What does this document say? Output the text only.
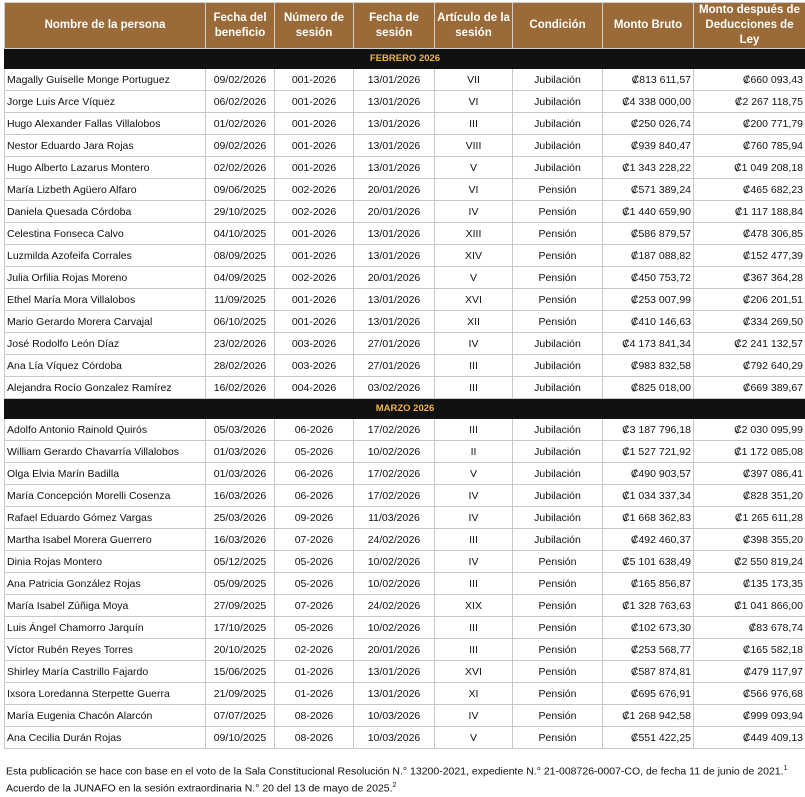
Nombre de la persona	Fecha del beneficio	Número de sesión	Fecha de sesión	Artículo de la sesión	Condición	Monto Bruto	Monto después de Deducciones de Ley
FEBRERO 2026							
Magally Guiselle Monge Portuguez	09/02/2026	001-2026	13/01/2026	VII	Jubilación	₡813 611,57	₡660 093,43
Jorge Luis Arce Víquez	06/02/2026	001-2026	13/01/2026	VI	Jubilación	₡4 338 000,00	₡2 267 118,75
Hugo Alexander Fallas Villalobos	01/02/2026	001-2026	13/01/2026	III	Jubilación	₡250 026,74	₡200 771,79
Nestor Eduardo Jara Rojas	09/02/2026	001-2026	13/01/2026	VIII	Jubilación	₡939 840,47	₡760 785,94
Hugo Alberto Lazarus Montero	02/02/2026	001-2026	13/01/2026	V	Jubilación	₡1 343 228,22	₡1 049 208,18
María Lizbeth Agüero Alfaro	09/06/2025	002-2026	20/01/2026	VI	Pensión	₡571 389,24	₡465 682,23
Daniela Quesada Córdoba	29/10/2025	002-2026	20/01/2026	IV	Pensión	₡1 440 659,90	₡1 117 188,84
Celestina Fonseca Calvo	04/10/2025	001-2026	13/01/2026	XIII	Pensión	₡586 879,57	₡478 306,85
Luzmilda Azofeifa Corrales	08/09/2025	001-2026	13/01/2026	XIV	Pensión	₡187 088,82	₡152 477,39
Julia Orfilia Rojas Moreno	04/09/2025	002-2026	20/01/2026	V	Pensión	₡450 753,72	₡367 364,28
Ethel María Mora Villalobos	11/09/2025	001-2026	13/01/2026	XVI	Pensión	₡253 007,99	₡206 201,51
Mario Gerardo Morera Carvajal	06/10/2025	001-2026	13/01/2026	XII	Pensión	₡410 146,63	₡334 269,50
José Rodolfo León Díaz	23/02/2026	003-2026	27/01/2026	IV	Jubilación	₡4 173 841,34	₡2 241 132,57
Ana Lía Víquez Córdoba	28/02/2026	003-2026	27/01/2026	III	Jubilación	₡983 832,58	₡792 640,29
Alejandra Rocío Gonzalez Ramírez	16/02/2026	004-2026	03/02/2026	III	Jubilación	₡825 018,00	₡669 389,67
MARZO 2026							
Adolfo Antonio Rainold Quirós	05/03/2026	06-2026	17/02/2026	III	Jubilación	₡3 187 796,18	₡2 030 095,99
William Gerardo Chavarría Villalobos	01/03/2026	05-2026	10/02/2026	II	Jubilación	₡1 527 721,92	₡1 172 085,08
Olga Elvia Marín Badilla	01/03/2026	06-2026	17/02/2026	V	Jubilación	₡490 903,57	₡397 086,41
María Concepción Morelli Cosenza	16/03/2026	06-2026	17/02/2026	IV	Jubilación	₡1 034 337,34	₡828 351,20
Rafael Eduardo Gómez Vargas	25/03/2026	09-2026	11/03/2026	IV	Jubilación	₡1 668 362,83	₡1 265 611,28
Martha Isabel Morera Guerrero	16/03/2026	07-2026	24/02/2026	III	Jubilación	₡492 460,37	₡398 355,20
Dinia Rojas Montero	05/12/2025	05-2026	10/02/2026	IV	Pensión	₡5 101 638,49	₡2 550 819,24
Ana Patricia González Rojas	05/09/2025	05-2026	10/02/2026	III	Pensión	₡165 856,87	₡135 173,35
María Isabel Zúñiga Moya	27/09/2025	07-2026	24/02/2026	XIX	Pensión	₡1 328 763,63	₡1 041 866,00
Luis Ángel Chamorro Jarquín	17/10/2025	05-2026	10/02/2026	III	Pensión	₡102 673,30	₡83 678,74
Víctor Rubén Reyes Torres	20/10/2025	02-2026	20/01/2026	III	Pensión	₡253 568,77	₡165 582,18
Shirley María Castrillo Fajardo	15/06/2025	01-2026	13/01/2026	XVI	Pensión	₡587 874,81	₡479 117,97
Ixsora Loredanna Sterpette Guerra	21/09/2025	01-2026	13/01/2026	XI	Pensión	₡695 676,91	₡566 976,68
María Eugenia Chacón Alarcón	07/07/2025	08-2026	10/03/2026	IV	Pensión	₡1 268 942,58	₡999 093,94
Ana Cecilia Durán Rojas	09/10/2025	08-2026	10/03/2026	V	Pensión	₡551 422,25	₡449 409,13
Esta publicación se hace con base en el voto de la Sala Constitucional Resolución N.° 13200-2021, expediente N.° 21-008726-0007-CO, de fecha 11 de junio de 2021.$^1$
Acuerdo de la JUNAFO en la sesión extraordinaria N.° 20 del 13 de mayo de 2025.$^2$
